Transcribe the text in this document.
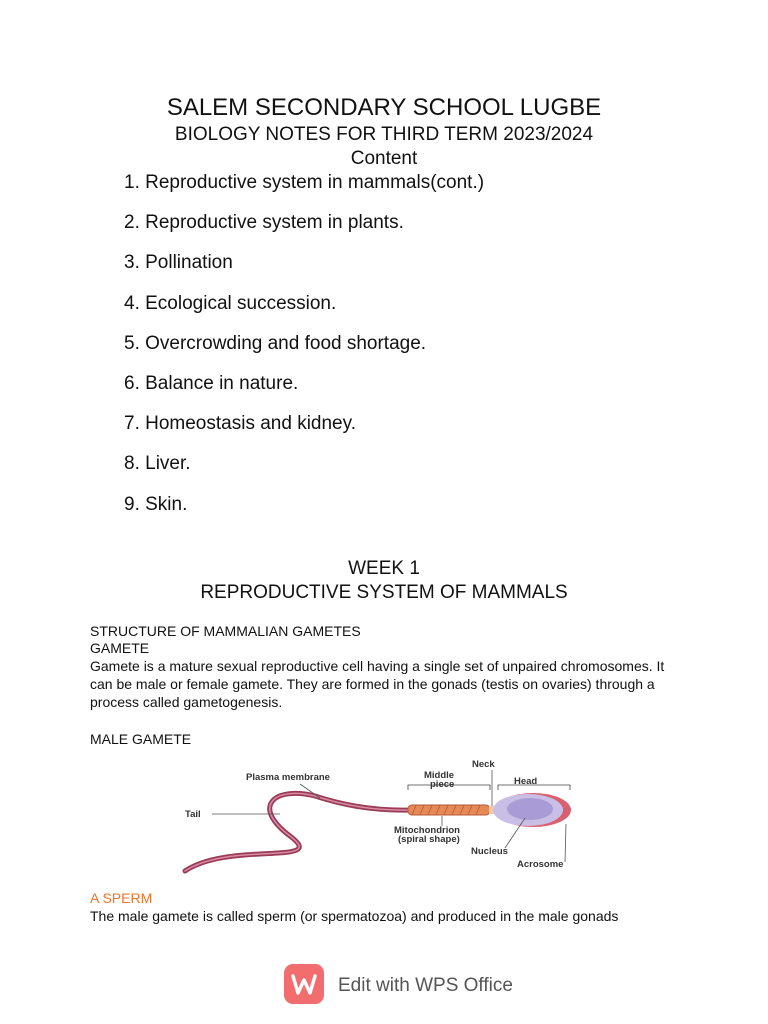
SALEM SECONDARY SCHOOL LUGBE
BIOLOGY NOTES FOR THIRD TERM 2023/2024
Content
1. Reproductive system in mammals(cont.)
2. Reproductive system in plants.
3. Pollination
4. Ecological succession.
5. Overcrowding and food shortage.
6. Balance in nature.
7. Homeostasis and kidney.
8. Liver.
9. Skin.
WEEK 1
REPRODUCTIVE SYSTEM OF MAMMALS
STRUCTURE OF MAMMALIAN GAMETES
GAMETE
Gamete is a mature sexual reproductive cell having a single set of unpaired chromosomes. It can be male or female gamete. They are formed in the gonads (testis on ovaries) through a process called gametogenesis.
MALE GAMETE
Tail
Plasma membrane	Middle
piece
Neck
Head
Mitochondrion
(spiral shape)
Nucleus
Acrosome
A SPERM
The male gamete is called sperm (or spermatozoa) and produced in the male gonads
Edit with WPS Office
